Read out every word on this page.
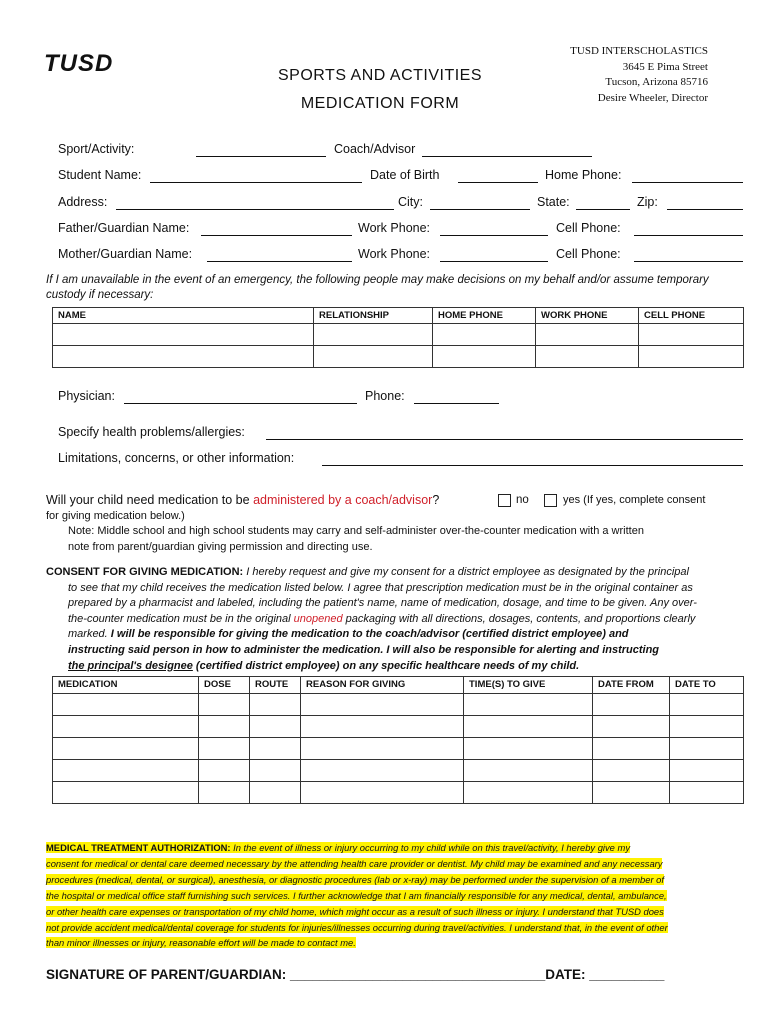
TUSD	SPORTS AND ACTIVITIES
MEDICATION FORM
TUSD INTERSCHOLASTICS
3645 E Pima Street
Tucson, Arizona 85716
Desire Wheeler, Director
Sport/Activity:	Coach/Advisor
Student Name:	Date of Birth	Home Phone:
Address:	City:	State:	Zip:
Father/Guardian Name:	Work Phone:	Cell Phone:
Mother/Guardian Name:	Work Phone:	Cell Phone:
If I am unavailable in the event of an emergency, the following people may make decisions on my behalf and/or assume temporary custody if necessary:
NAME	RELATIONSHIP	HOME PHONE	WORK PHONE	CELL PHONE

Physician:	Phone:
Specify health problems/allergies:
Limitations, concerns, or other information:
Will your child need medication to be administered by a coach/advisor?	no	yes (If yes, complete consent
for giving medication below.)
Note: Middle school and high school students may carry and self-administer over-the-counter medication with a written
note from parent/guardian giving permission and directing use.
CONSENT FOR GIVING MEDICATION: I hereby request and give my consent for a district employee as designated by the principal
to see that my child receives the medication listed below. I agree that prescription medication must be in the original container as
prepared by a pharmacist and labeled, including the patient's name, name of medication, dosage, and time to be given. Any over-
the-counter medication must be in the original unopened packaging with all directions, dosages, contents, and proportions clearly
marked. I will be responsible for giving the medication to the coach/advisor (certified district employee) and
instructing said person in how to administer the medication. I will also be responsible for alerting and instructing
the principal's designee (certified district employee) on any specific healthcare needs of my child.
MEDICATION	DOSE	ROUTE	REASON FOR GIVING	TIME(S) TO GIVE	DATE FROM	DATE TO

MEDICAL TREATMENT AUTHORIZATION: In the event of illness or injury occurring to my child while on this travel/activity, I hereby give my
consent for medical or dental care deemed necessary by the attending health care provider or dentist. My child may be examined and any necessary
procedures (medical, dental, or surgical), anesthesia, or diagnostic procedures (lab or x-ray) may be performed under the supervision of a member of
the hospital or medical office staff furnishing such services. I further acknowledge that I am financially responsible for any medical, dental, ambulance,
or other health care expenses or transportation of my child home, which might occur as a result of such illness or injury. I understand that TUSD does
not provide accident medical/dental coverage for students for injuries/illnesses occurring during travel/activities. I understand that, in the event of other
than minor illnesses or injury, reasonable effort will be made to contact me.
SIGNATURE OF PARENT/GUARDIAN: __________________________________DATE: __________
